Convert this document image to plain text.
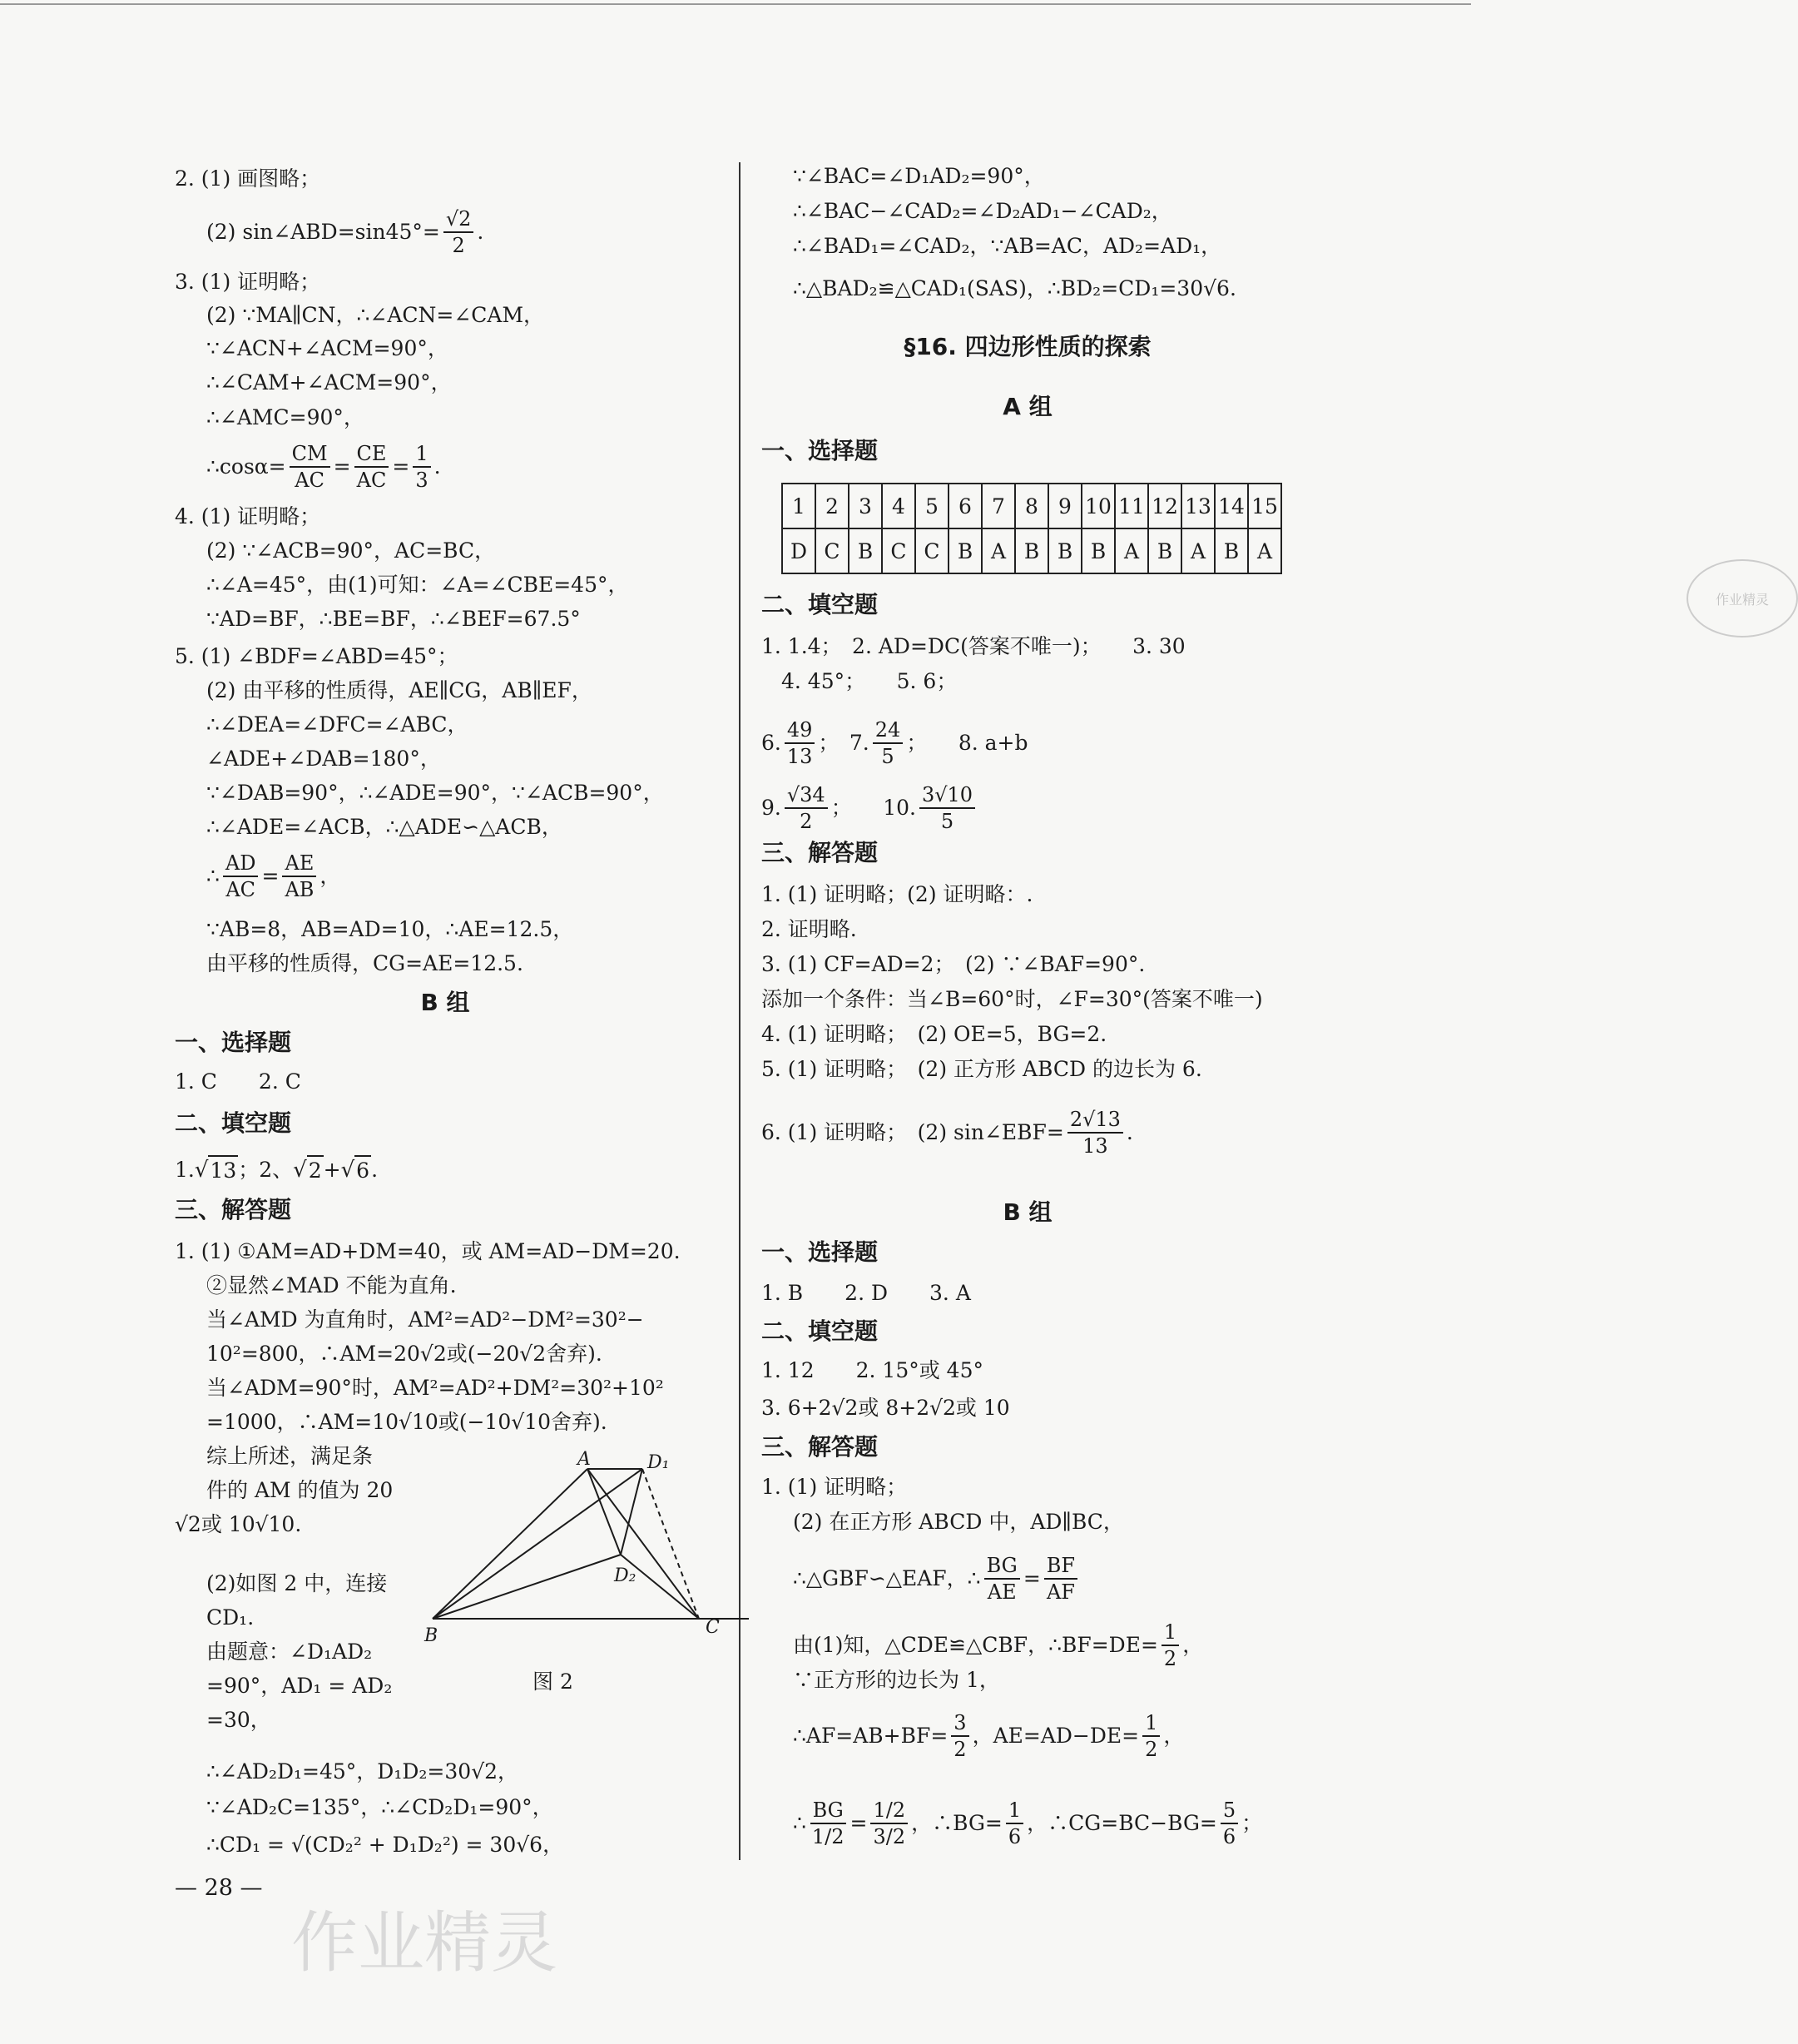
2. (1) 画图略；
(2) sin∠ABD=sin45°= $\frac{√2}{2}$ .
3. (1) 证明略；
(2) ∵MA∥CN，∴∠ACN=∠CAM，
∵∠ACN+∠ACM=90°，
∴∠CAM+∠ACM=90°，
∴∠AMC=90°，
∴cosα= $\frac{CM}{AC}$ =
CE
AC
=
1
3
.
4. (1) 证明略；
(2) ∵∠ACB=90°，AC=BC，
∴∠A=45°，由(1)可知：∠A=∠CBE=45°，
∵AD=BF，∴BE=BF，∴∠BEF=67.5°
5. (1) ∠BDF=∠ABD=45°；
(2) 由平移的性质得，AE∥CG，AB∥EF，
∴∠DEA=∠DFC=∠ABC，
∠ADE+∠DAB=180°，
∵∠DAB=90°，∴∠ADE=90°，∵∠ACB=90°，
∴∠ADE=∠ACB，∴△ADE∽△ACB，
∴
AD
AC
=
AE
AB
，
∵AB=8，AB=AD=10，∴AE=12.5，
由平移的性质得，CG=AE=12.5.
B 组
一、选择题
1. C　　2. C
二、填空题
1. √ 13 ；2、 √ 2 + √ 6 .
三、解答题
1. (1) ①AM=AD+DM=40，或 AM=AD−DM=20.
②显然∠MAD 不能为直角.
当∠AMD 为直角时，AM²=AD²−DM²=30²−
10²=800，∴AM=20√2或(−20√2舍弃).
当∠ADM=90°时，AM²=AD²+DM²=30²+10²
=1000，∴AM=10√10或(−10√10舍弃).
综上所述，满足条
件的 AM 的值为 20
√2或 10√10.
(2)如图 2 中，连接
CD₁.
由题意：∠D₁AD₂
=90°，AD₁ = AD₂
=30，
∴∠AD₂D₁=45°，D₁D₂=30√2，
∵∠AD₂C=135°，∴∠CD₂D₁=90°，
∴CD₁ = √(CD₂² + D₁D₂²) = 30√6，
A	D₁
D₂
B	C
图 2
— 28 —
∵∠BAC=∠D₁AD₂=90°，
∴∠BAC−∠CAD₂=∠D₂AD₁−∠CAD₂，
∴∠BAD₁=∠CAD₂，∵AB=AC，AD₂=AD₁，
∴△BAD₂≌△CAD₁(SAS)，∴BD₂=CD₁=30√6.
§16. 四边形性质的探索
A 组
一、选择题
1	2	3	4	5	6	7	8	9	10	11	12	13	14	15
D	C	B	C	C	B	A	B	B	B	A	B	A	B	A
作业精灵
二、填空题
1. 1.4；　2. AD=DC(答案不唯一)；　　3. 30
4. 45°；　　5. 6；
6.
49
13
；　7.
24
5
；　　8. a+b
9.
√34
2
；　　10.
3√10
5
三、解答题
1. (1) 证明略；(2) 证明略：.
2. 证明略.
3. (1) CF=AD=2；　(2) ∵∠BAF=90°.
添加一个条件：当∠B=60°时，∠F=30°(答案不唯一)
4. (1) 证明略；　(2) OE=5，BG=2.
5. (1) 证明略；　(2) 正方形 ABCD 的边长为 6.
6. (1) 证明略；　(2) sin∠EBF= $\frac{2√13}{13}$ .
B 组
一、选择题
1. B　　2. D　　3. A
二、填空题
1. 12　　2. 15°或 45°
3. 6+2√2或 8+2√2或 10
三、解答题
1. (1) 证明略；
(2) 在正方形 ABCD 中，AD∥BC，
∴△GBF∽△EAF，∴
BG
AE
=
BF
AF
由(1)知，△CDE≌△CBF，∴BF=DE= $\frac{1}{2}$ ，
∵正方形的边长为 1，
∴AF=AB+BF= $\frac{3}{2}$ ，$AE=AD-DE= \frac{1}{2}$ ，
∴
BG
1/2
=
1/2
3/2
，∴BG= $\frac{1}{6}$ ，∴CG=BC−BG= $\frac{5}{6}$ ；
作业精灵
